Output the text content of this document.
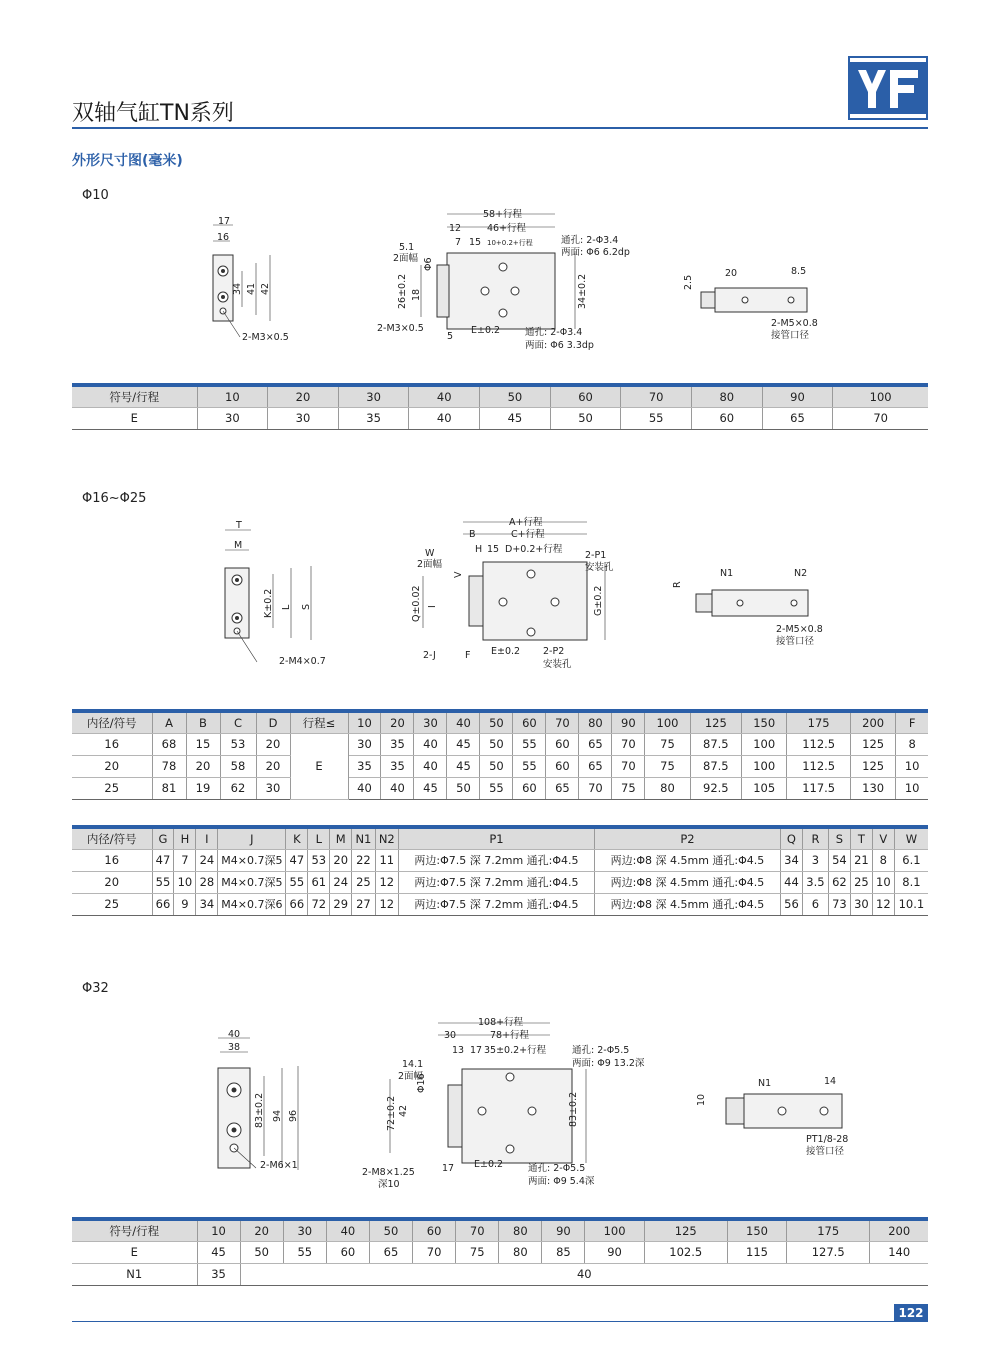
双轴气缸TN系列
外形尺寸图(毫米)
Φ10
Φ16~Φ25
Φ32
17
16
34 41 42
2-M3×0.5
58+行程
12	46+行程
7 15 10+0.2+行程
5.1
2面幅 Φ6
26±0.2 18	34±0.2
2-M3×0.5
5
E±0.2
通孔: 2-Φ3.4
两面: Φ6 6.2dp
通孔: 2-Φ3.4
两面: Φ6 3.3dp
2.5
20	8.5
2-M5×0.8
接管口径
符号/行程	10	20	30	40	50	60	70	80	90	100
E	30	30	35	40	45	50	55	60	65	70
T
M
K±0.2 L S
2-M4×0.7
A+行程
B	C+行程
H 15 D+0.2+行程
W
2面幅
V
2-P1
安装孔
Q±0.02 I	G±0.2
2-J	F E±0.2 2-P2
安装孔
R
N1	N2
2-M5×0.8
接管口径
内径/符号	A	B	C	D	行程≤	10	20	30	40	50	60	70	80	90	100	125	150	175	200	F
16	68	15	53	20	E	30	35	40	45	50	55	60	65	70	75	87.5	100	112.5	125	8
20	78	20	58	20		35	35	40	45	50	55	60	65	70	75	87.5	100	112.5	125	10
25	81	19	62	30		40	40	45	50	55	60	65	70	75	80	92.5	105	117.5	130	10
内径/符号	G	H	I	J	K	L	M	N1	N2	P1	P2	Q	R	S	T	V	W
16	47	7	24	M4×0.7深5	47	53	20	22	11	两边:Φ7.5 深 7.2mm 通孔:Φ4.5	两边:Φ8 深 4.5mm 通孔:Φ4.5	34	3	54	21	8	6.1
20	55	10	28	M4×0.7深5	55	61	24	25	12	两边:Φ7.5 深 7.2mm 通孔:Φ4.5	两边:Φ8 深 4.5mm 通孔:Φ4.5	44	3.5	62	25	10	8.1
25	66	9	34	M4×0.7深6	66	72	29	27	12	两边:Φ7.5 深 7.2mm 通孔:Φ4.5	两边:Φ8 深 4.5mm 通孔:Φ4.5	56	6	73	30	12	10.1
40
38
83±0.2 94 96
2-M6×1
108+行程
30	78+行程
13 17 35±0.2+行程
14.1
2面幅
Φ16
72±0.2 42	83±0.2
通孔: 2-Φ5.5
两面: Φ9 13.2深
2-M8×1.25
深10
17 E±0.2	通孔: 2-Φ5.5
两面: Φ9 5.4深
10
N1	14
PT1/8-28
接管口径
符号/行程	10	20	30	40	50	60	70	80	90	100	125	150	175	200
E	45	50	55	60	65	70	75	80	85	90	102.5	115	127.5	140
N1	35	40												
122
